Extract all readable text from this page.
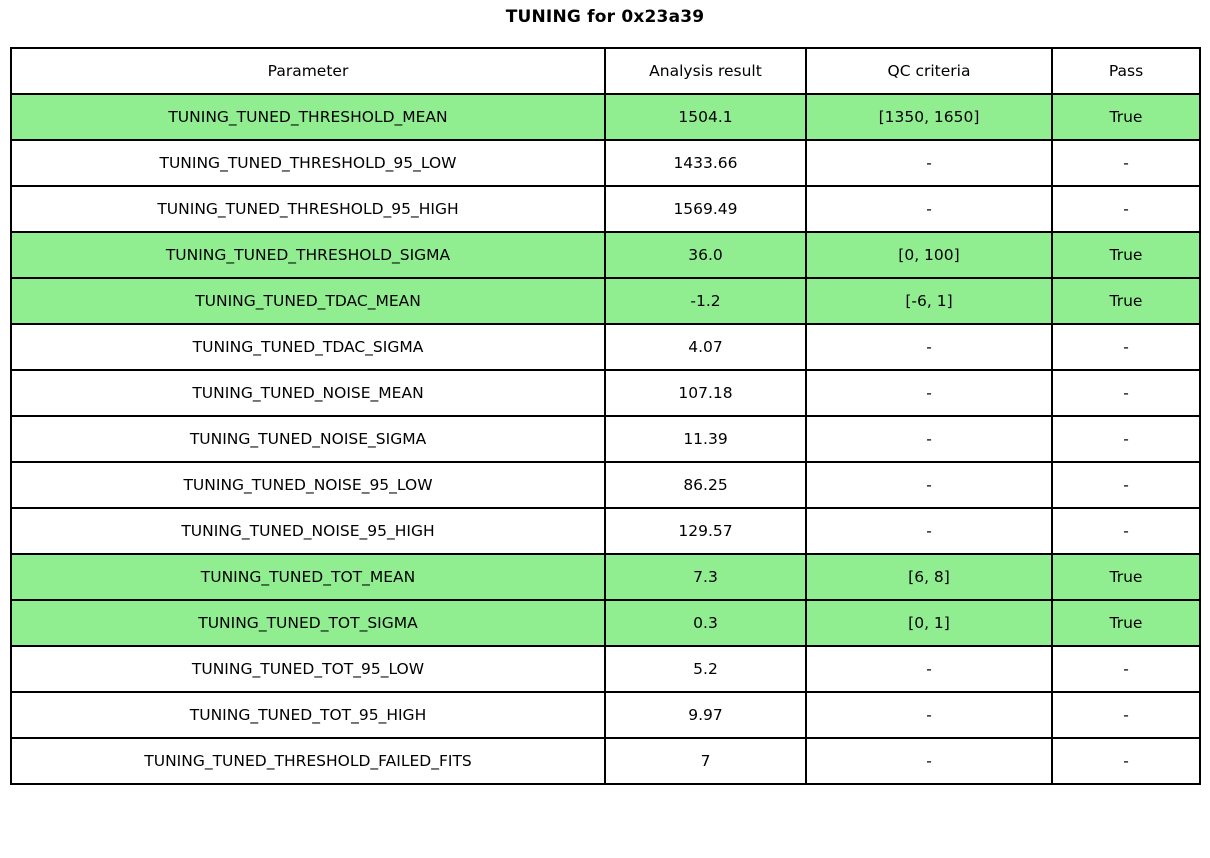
TUNING for 0x23a39
Parameter	Analysis result	QC criteria	Pass
TUNING_TUNED_THRESHOLD_MEAN	1504.1	[1350, 1650]	True
TUNING_TUNED_THRESHOLD_95_LOW	1433.66	-	-
TUNING_TUNED_THRESHOLD_95_HIGH	1569.49	-	-
TUNING_TUNED_THRESHOLD_SIGMA	36.0	[0, 100]	True
TUNING_TUNED_TDAC_MEAN	-1.2	[-6, 1]	True
TUNING_TUNED_TDAC_SIGMA	4.07	-	-
TUNING_TUNED_NOISE_MEAN	107.18	-	-
TUNING_TUNED_NOISE_SIGMA	11.39	-	-
TUNING_TUNED_NOISE_95_LOW	86.25	-	-
TUNING_TUNED_NOISE_95_HIGH	129.57	-	-
TUNING_TUNED_TOT_MEAN	7.3	[6, 8]	True
TUNING_TUNED_TOT_SIGMA	0.3	[0, 1]	True
TUNING_TUNED_TOT_95_LOW	5.2	-	-
TUNING_TUNED_TOT_95_HIGH	9.97	-	-
TUNING_TUNED_THRESHOLD_FAILED_FITS	7	-	-
